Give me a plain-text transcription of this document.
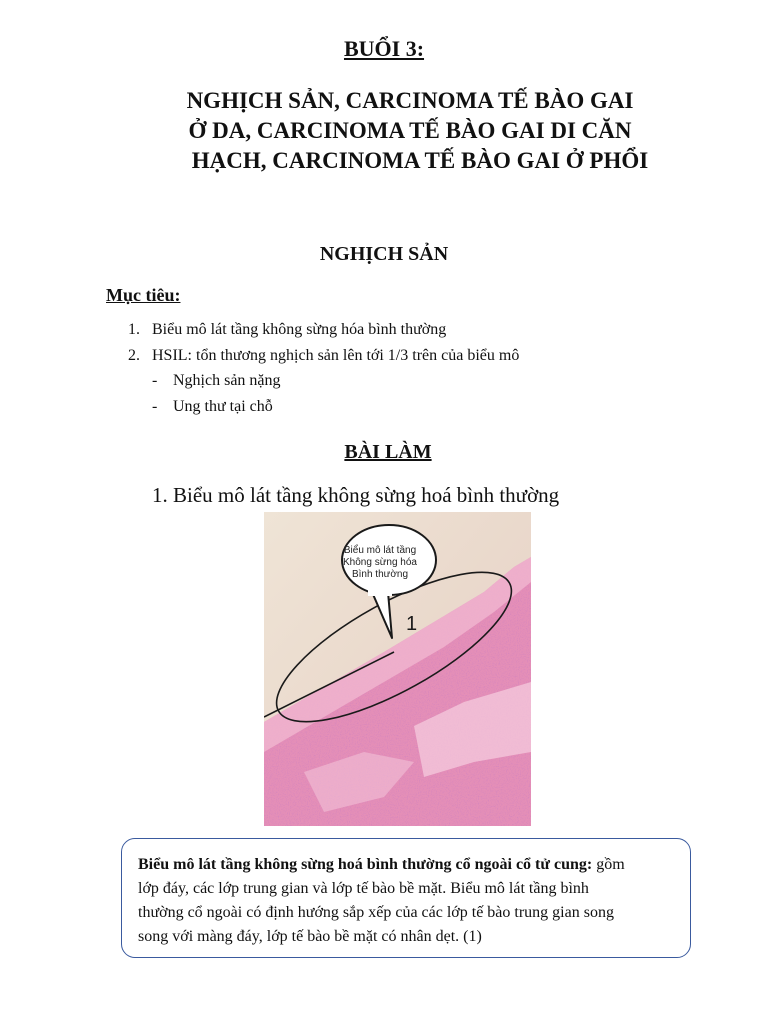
BUỔI 3:
NGHỊCH SẢN, CARCINOMA TẾ BÀO GAI
Ở DA, CARCINOMA TẾ BÀO GAI DI CĂN
HẠCH, CARCINOMA TẾ BÀO GAI Ở PHỔI
NGHỊCH SẢN
Mục tiêu:
1. Biểu mô lát tầng không sừng hóa bình thường
2. HSIL: tổn thương nghịch sản lên tới 1/3 trên của biểu mô
- Nghịch sản nặng
- Ung thư tại chỗ
BÀI LÀM
1. Biểu mô lát tầng không sừng hoá bình thường
Biểu mô lát tầng
Không sừng hóa
Bình thường
1
Biểu mô lát tầng không sừng hoá bình thường cổ ngoài cổ tử cung: gồm
lớp đáy, các lớp trung gian và lớp tế bào bề mặt. Biểu mô lát tầng bình
thường cổ ngoài có định hướng sắp xếp của các lớp tế bào trung gian song
song với màng đáy, lớp tế bào bề mặt có nhân dẹt. (1)
